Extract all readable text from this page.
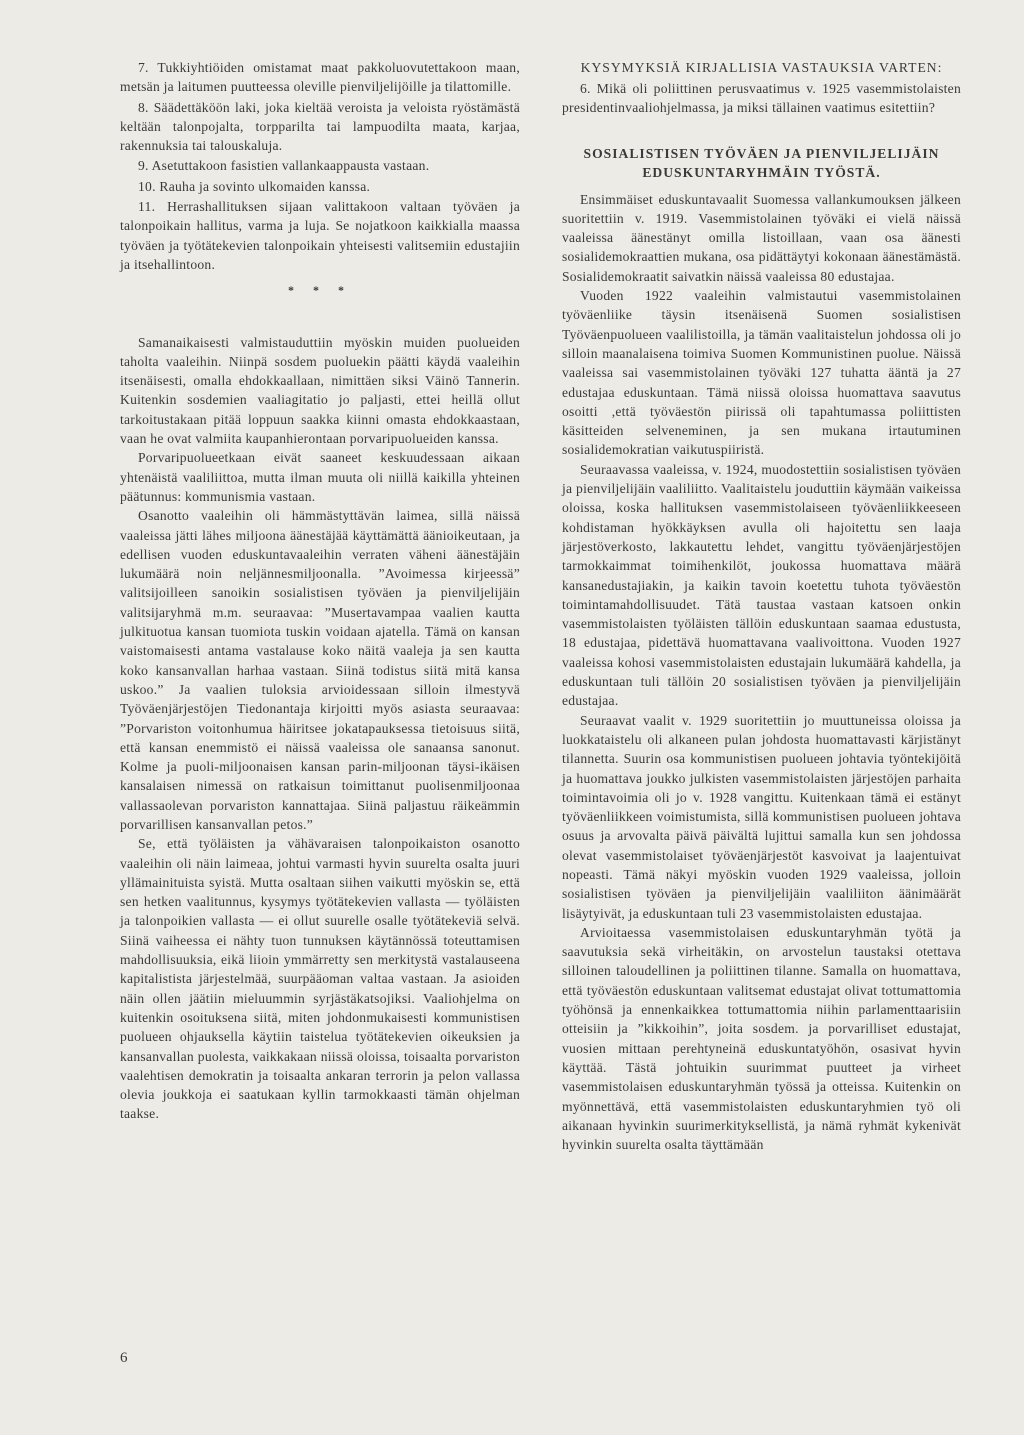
7. Tukkiyhtiöiden omistamat maat pakkoluovutettakoon maan, metsän ja laitumen puutteessa oleville pienviljelijöille ja tilattomille.

8. Säädettäköön laki, joka kieltää veroista ja veloista ryöstämästä keltään talonpojalta, torpparilta tai lampuodilta maata, karjaa, rakennuksia tai talouskaluja.

9. Asetuttakoon fasistien vallankaappausta vastaan.

10. Rauha ja sovinto ulkomaiden kanssa.

11. Herrashallituksen sijaan valittakoon valtaan työväen ja talonpoikain hallitus, varma ja luja. Se nojatkoon kaikkialla maassa työväen ja työtätekevien talonpoikain yhteisesti valitsemiin edustajiin ja itsehallintoon.

* * *

Samanaikaisesti valmistauduttiin myöskin muiden puolueiden taholta vaaleihin. Niinpä sosdem puoluekin päätti käydä vaaleihin itsenäisesti, omalla ehdokkaallaan, nimittäen siksi Väinö Tannerin. Kuitenkin sosdemien vaaliagitatio jo paljasti, ettei heillä ollut tarkoitustakaan pitää loppuun saakka kiinni omasta ehdokkaastaan, vaan he ovat valmiita kaupanhierontaan porvaripuolueiden kanssa.

Porvaripuolueetkaan eivät saaneet keskuudessaan aikaan yhtenäistä vaaliliittoa, mutta ilman muuta oli niillä kaikilla yhteinen päätunnus: kommunismia vastaan.

Osanotto vaaleihin oli hämmästyttävän laimea, sillä näissä vaaleissa jätti lähes miljoona äänestäjää käyttämättä äänioikeutaan, ja edellisen vuoden eduskuntavaaleihin verraten väheni äänestäjäin lukumäärä noin neljännesmiljoonalla. ”Avoimessa kirjeessä” valitsijoilleen sanoikin sosialistisen työväen ja pienviljelijäin valitsijaryhmä m.m. seuraavaa: ”Musertavampaa vaalien kautta julkituotua kansan tuomiota tuskin voidaan ajatella. Tämä on kansan vaistomaisesti antama vastalause koko näitä vaaleja ja sen kautta koko kansanvallan harhaa vastaan. Siinä todistus siitä mitä kansa uskoo.” Ja vaalien tuloksia arvioidessaan silloin ilmestyvä Työväenjärjestöjen Tiedonantaja kirjoitti myös asiasta seuraavaa: ”Porvariston voitonhumua häiritsee jokatapauksessa tietoisuus siitä, että kansan enemmistö ei näissä vaaleissa ole sanaansa sanonut. Kolme ja puoli-miljoonaisen kansan parin-miljoonan täysi-ikäisen kansalaisen nimessä on ratkaisun toimittanut puolisenmiljoonaa vallassaolevan porvariston kannattajaa. Siinä paljastuu räikeämmin porvarillisen kansanvallan petos.”

Se, että työläisten ja vähävaraisen talonpoikaiston osanotto vaaleihin oli näin laimeaa, johtui varmasti hyvin suurelta osalta juuri yllämainituista syistä. Mutta osaltaan siihen vaikutti myöskin se, että sen hetken vaalitunnus, kysymys työtätekevien vallasta — työläisten ja talonpoikien vallasta — ei ollut suurelle osalle työtätekeviä selvä. Siinä vaiheessa ei nähty tuon tunnuksen käytännössä toteuttamisen mahdollisuuksia, eikä liioin ymmärretty sen merkitystä vastalauseena kapitalistista järjestelmää, suurpääoman valtaa vastaan. Ja asioiden näin ollen jäätiin mieluummin syrjästäkatsojiksi. Vaaliohjelma on kuitenkin osoituksena siitä, miten johdonmukaisesti kommunistisen puolueen ohjauksella käytiin taistelua työtätekevien oikeuksien ja kansanvallan puolesta, vaikkakaan niissä oloissa, toisaalta porvariston vaalehtisen demokratin ja toisaalta ankaran terrorin ja pelon vallassa olevia joukkoja ei saatukaan kyllin tarmokkaasti tämän ohjelman taakse.

KYSYMYKSIÄ KIRJALLISIA VASTAUKSIA VARTEN:

6. Mikä oli poliittinen perusvaatimus v. 1925 vasemmistolaisten presidentinvaaliohjelmassa, ja miksi tällainen vaatimus esitettiin?

SOSIALISTISEN TYÖVÄEN JA PIENVILJELIJÄIN EDUSKUNTARYHMÄIN TYÖSTÄ.

Ensimmäiset eduskuntavaalit Suomessa vallankumouksen jälkeen suoritettiin v. 1919. Vasemmistolainen työväki ei vielä näissä vaaleissa äänestänyt omilla listoillaan, vaan osa äänesti sosialidemokraattien mukana, osa pidättäytyi kokonaan äänestämästä. Sosialidemokraatit saivatkin näissä vaaleissa 80 edustajaa.

Vuoden 1922 vaaleihin valmistautui vasemmistolainen työväenliike täysin itsenäisenä Suomen sosialistisen Työväenpuolueen vaalilistoilla, ja tämän vaalitaistelun johdossa oli jo silloin maanalaisena toimiva Suomen Kommunistinen puolue. Näissä vaaleissa sai vasemmistolainen työväki 127 tuhatta ääntä ja 27 edustajaa eduskuntaan. Tämä niissä oloissa huomattava saavutus osoitti ,että työväestön piirissä oli tapahtumassa poliittisten käsitteiden selveneminen, ja sen mukana irtautuminen sosialidemokratian vaikutuspiiristä.

Seuraavassa vaaleissa, v. 1924, muodostettiin sosialistisen työväen ja pienviljelijäin vaaliliitto. Vaalitaistelu jouduttiin käymään vaikeissa oloissa, koska hallituksen vasemmistolaiseen työväenliikkeeseen kohdistaman hyökkäyksen avulla oli hajoitettu sen laaja järjestöverkosto, lakkautettu lehdet, vangittu työväenjärjestöjen tarmokkaimmat toimihenkilöt, joukossa huomattava määrä kansanedustajiakin, ja kaikin tavoin koetettu tuhota työväestön toimintamahdollisuudet. Tätä taustaa vastaan katsoen onkin vasemmistolaisten työläisten tällöin eduskuntaan saamaa edustusta, 18 edustajaa, pidettävä huomattavana vaalivoittona. Vuoden 1927 vaaleissa kohosi vasemmistolaisten edustajain lukumäärä kahdella, ja eduskuntaan tuli tällöin 20 sosialistisen työväen ja pienviljelijäin edustajaa.

Seuraavat vaalit v. 1929 suoritettiin jo muuttuneissa oloissa ja luokkataistelu oli alkaneen pulan johdosta huomattavasti kärjistänyt tilannetta. Suurin osa kommunistisen puolueen johtavia työntekijöitä ja huomattava joukko julkisten vasemmistolaisten järjestöjen parhaita toimintavoimia oli jo v. 1928 vangittu. Kuitenkaan tämä ei estänyt työväenliikkeen voimistumista, sillä kommunistisen puolueen johtava osuus ja arvovalta päivä päivältä lujittui samalla kun sen johdossa olevat vasemmistolaiset työväenjärjestöt kasvoivat ja laajentuivat nopeasti. Tämä näkyi myöskin vuoden 1929 vaaleissa, jolloin sosialistisen työväen ja pienviljelijäin vaaliliiton äänimäärät lisäytyivät, ja eduskuntaan tuli 23 vasemmistolaisten edustajaa.

Arvioitaessa vasemmistolaisen eduskuntaryhmän työtä ja saavutuksia sekä virheitäkin, on arvostelun taustaksi otettava silloinen taloudellinen ja poliittinen tilanne. Samalla on huomattava, että työväestön eduskuntaan valitsemat edustajat olivat tottumattomia työhönsä ja ennenkaikkea tottumattomia niihin parlamenttaarisiin otteisiin ja ”kikkoihin”, joita sosdem. ja porvarilliset edustajat, vuosien mittaan perehtyneinä eduskuntatyöhön, osasivat hyvin käyttää. Tästä johtuikin suurimmat puutteet ja virheet vasemmistolaisen eduskuntaryhmän työssä ja otteissa. Kuitenkin on myönnettävä, että vasemmistolaisten eduskuntaryhmien työ oli aikanaan hyvinkin suurimerkityksellistä, ja nämä ryhmät kykenivät hyvinkin suurelta osalta täyttämään

6
